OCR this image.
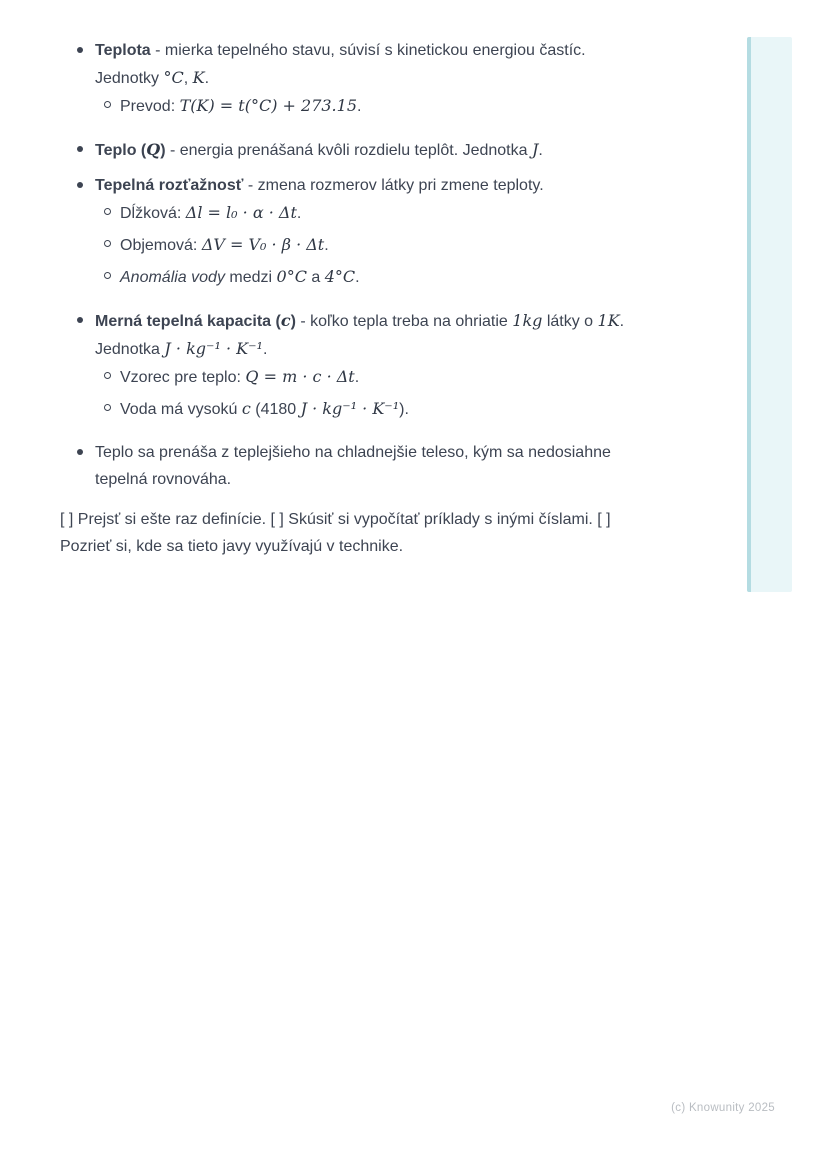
Teplota - mierka tepelného stavu, súvisí s kinetickou energiou častíc.
Jednotky °C, K.
Prevod: T(K) = t(°C) + 273.15.
Teplo (Q) - energia prenášaná kvôli rozdielu teplôt. Jednotka J.
Tepelná rozťažnosť - zmena rozmerov látky pri zmene teploty.
Dĺžková: Δl = l₀ · α · Δt.
Objemová: ΔV = V₀ · β · Δt.
Anomália vody medzi 0°C a 4°C.
Merná tepelná kapacita (c) - koľko tepla treba na ohriatie 1kg látky o 1K.
Jednotka J · kg⁻¹ · K⁻¹.
Vzorec pre teplo: Q = m · c · Δt.
Voda má vysokú c (4180 J · kg⁻¹ · K⁻¹).
Teplo sa prenáša z teplejšieho na chladnejšie teleso, kým sa nedosiahne
tepelná rovnováha.

[ ] Prejsť si ešte raz definície. [ ] Skúsiť si vypočítať príklady s inými číslami. [ ]
Pozrieť si, kde sa tieto javy využívajú v technike.

(c) Knowunity 2025
